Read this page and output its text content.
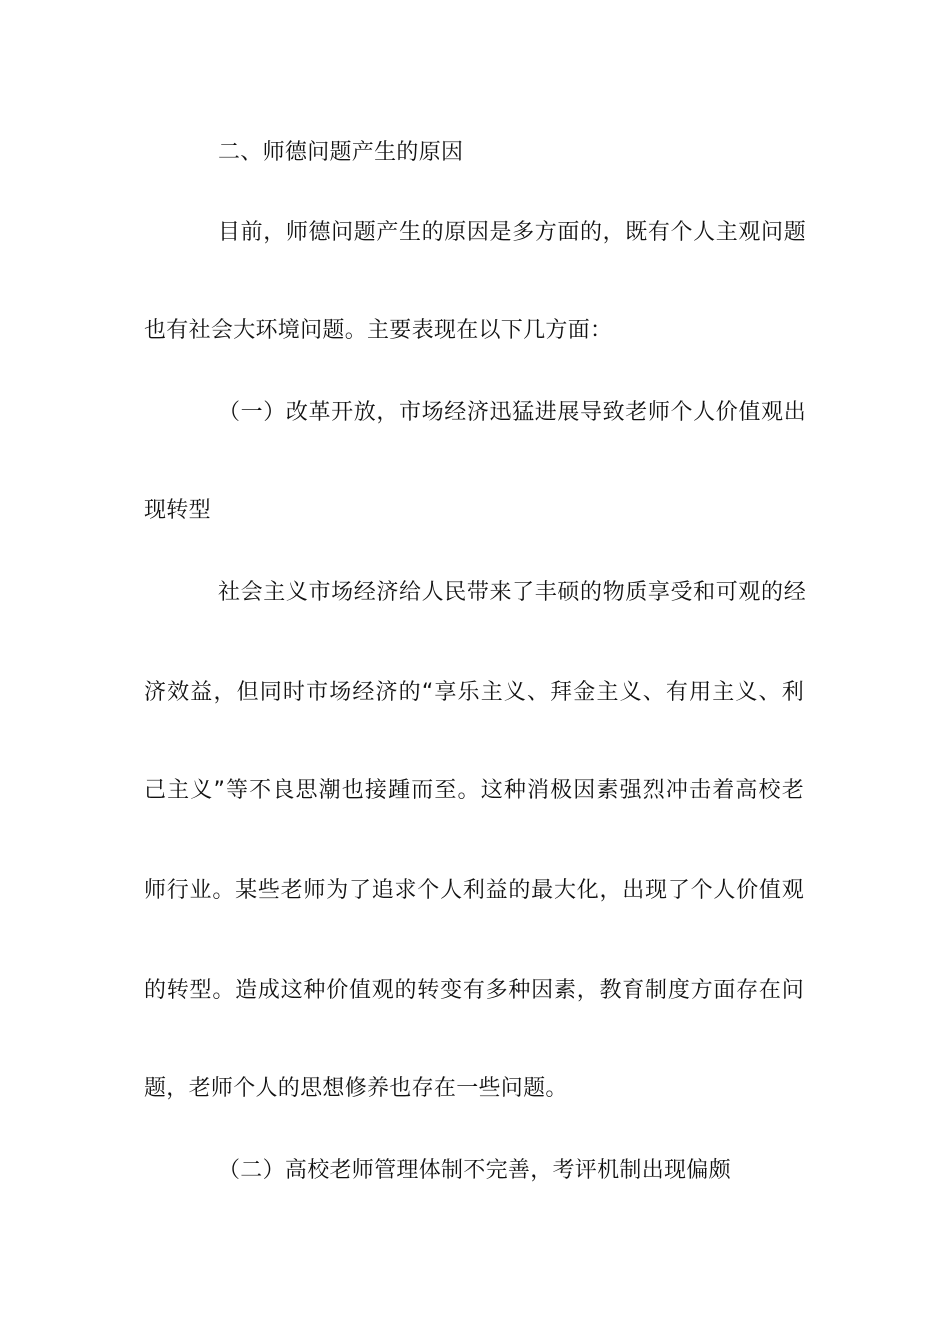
二、师德问题产生的原因
目前，师德问题产生的原因是多方面的，既有个人主观问题
也有社会大环境问题。主要表现在以下几方面：
（一）改革开放，市场经济迅猛进展导致老师个人价值观出
现转型
社会主义市场经济给人民带来了丰硕的物质享受和可观的经
济效益，但同时市场经济的“享乐主义、拜金主义、有用主义、利
己主义”等不良思潮也接踵而至。这种消极因素强烈冲击着高校老
师行业。某些老师为了追求个人利益的最大化，出现了个人价值观
的转型。造成这种价值观的转变有多种因素，教育制度方面存在问
题，老师个人的思想修养也存在一些问题。
（二）高校老师管理体制不完善，考评机制出现偏颇
